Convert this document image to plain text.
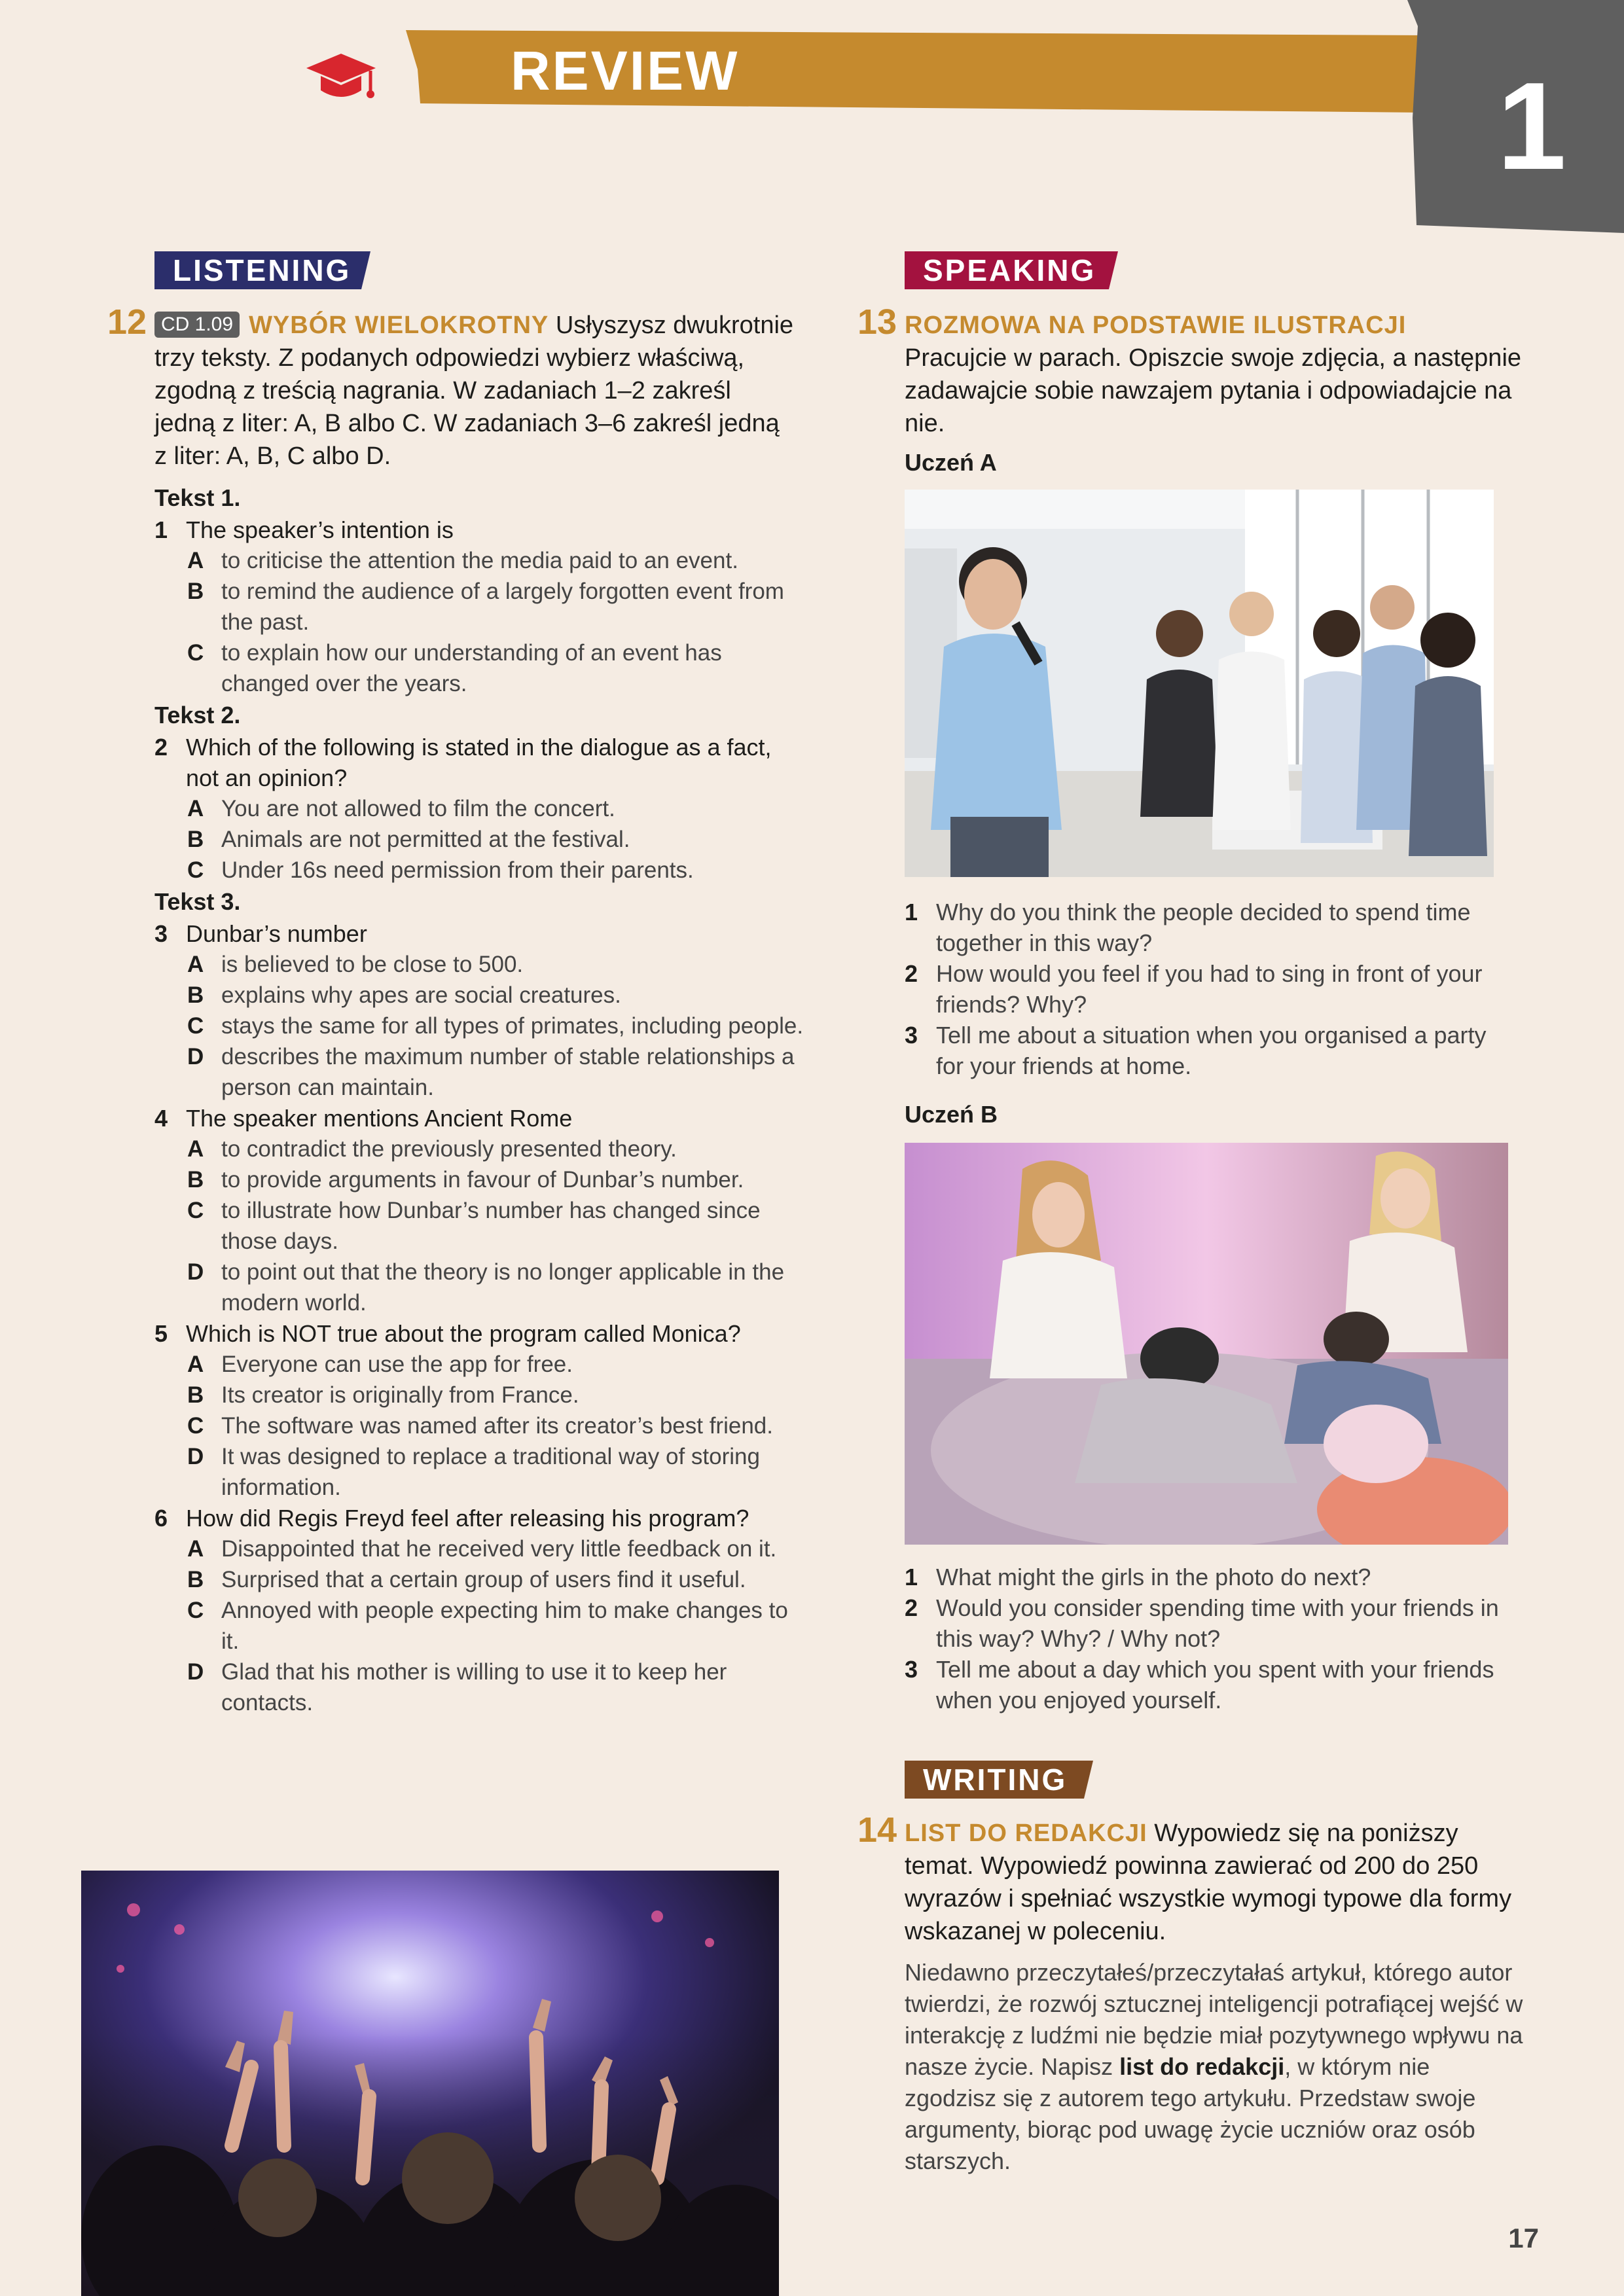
REVIEW	1
LISTENING
12 CD 1.09 WYBÓR WIELOKROTNY Usłyszysz dwukrotnie trzy teksty. Z podanych odpowiedzi wybierz właściwą, zgodną z treścią nagrania. W zadaniach 1–2 zakreśl jedną z liter: A, B albo C. W zadaniach 3–6 zakreśl jedną z liter: A, B, C albo D.
Tekst 1.
1 The speaker’s intention is
A to criticise the attention the media paid to an event.
B to remind the audience of a largely forgotten event from the past.
C to explain how our understanding of an event has changed over the years.
Tekst 2.
2 Which of the following is stated in the dialogue as a fact, not an opinion?
A You are not allowed to film the concert.
B Animals are not permitted at the festival.
C Under 16s need permission from their parents.
Tekst 3.
3 Dunbar’s number
A is believed to be close to 500.
B explains why apes are social creatures.
C stays the same for all types of primates, including people.
D describes the maximum number of stable relationships a person can maintain.
4 The speaker mentions Ancient Rome
A to contradict the previously presented theory.
B to provide arguments in favour of Dunbar’s number.
C to illustrate how Dunbar’s number has changed since those days.
D to point out that the theory is no longer applicable in the modern world.
5 Which is NOT true about the program called Monica?
A Everyone can use the app for free.
B Its creator is originally from France.
C The software was named after its creator’s best friend.
D It was designed to replace a traditional way of storing information.
6 How did Regis Freyd feel after releasing his program?
A Disappointed that he received very little feedback on it.
B Surprised that a certain group of users find it useful.
C Annoyed with people expecting him to make changes to it.
D Glad that his mother is willing to use it to keep her contacts.
SPEAKING
13 ROZMOWA NA PODSTAWIE ILUSTRACJI
Pracujcie w parach. Opiszcie swoje zdjęcia, a następnie zadawajcie sobie nawzajem pytania i odpowiadajcie na nie.
Uczeń A
1 Why do you think the people decided to spend time together in this way?
2 How would you feel if you had to sing in front of your friends? Why?
3 Tell me about a situation when you organised a party for your friends at home.
Uczeń B
1 What might the girls in the photo do next?
2 Would you consider spending time with your friends in this way? Why? / Why not?
3 Tell me about a day which you spent with your friends when you enjoyed yourself.
WRITING
14 LIST DO REDAKCJI Wypowiedz się na poniższy temat. Wypowiedź powinna zawierać od 200 do 250 wyrazów i spełniać wszystkie wymogi typowe dla formy wskazanej w poleceniu.
Niedawno przeczytałeś/przeczytałaś artykuł, którego autor twierdzi, że rozwój sztucznej inteligencji potrafiącej wejść w interakcję z ludźmi nie będzie miał pozytywnego wpływu na nasze życie. Napisz list do redakcji, w którym nie zgodzisz się z autorem tego artykułu. Przedstaw swoje argumenty, biorąc pod uwagę życie uczniów oraz osób starszych.
17
